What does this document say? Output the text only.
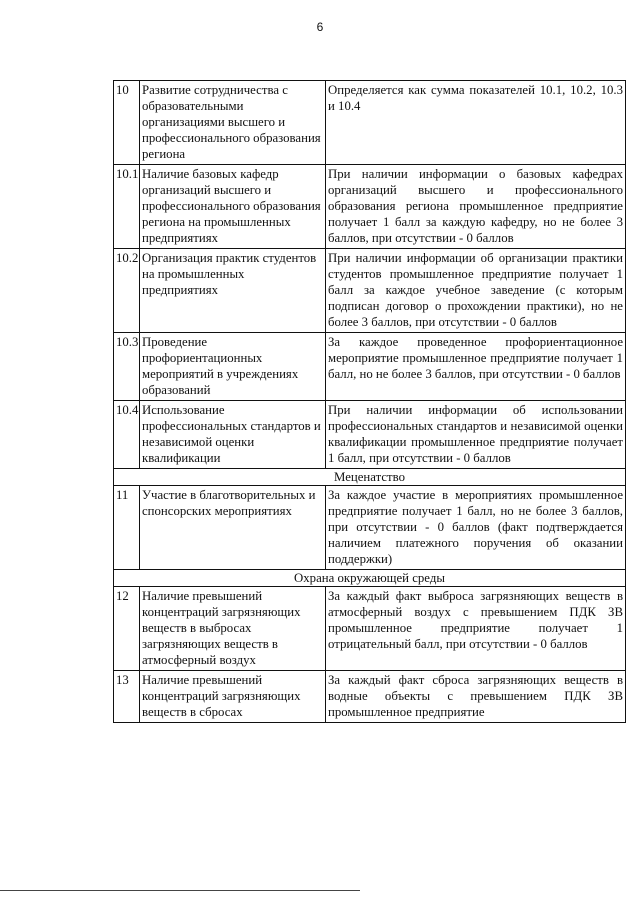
6
10	Развитие сотрудничества с образовательными организациями высшего и профессионального образования региона	Определяется как сумма показателей 10.1, 10.2, 10.3 и 10.4
10.1	Наличие базовых кафедр организаций высшего и профессионального образования региона на промышленных предприятиях	При наличии информации о базовых кафедрах организаций высшего и профессионального образования региона промышленное предприятие получает 1 балл за каждую кафедру, но не более 3 баллов, при отсутствии - 0 баллов
10.2	Организация практик студентов на промышленных предприятиях	При наличии информации об организации практики студентов промышленное предприятие получает 1 балл за каждое учебное заведение (с которым подписан договор о прохождении практики), но не более 3 баллов, при отсутствии - 0 баллов
10.3	Проведение профориентационных мероприятий в учреждениях образований	За каждое проведенное профориентационное мероприятие промышленное предприятие получает 1 балл, но не более 3 баллов, при отсутствии - 0 баллов
10.4	Использование профессиональных стандартов и независимой оценки квалификации	При наличии информации об использовании профессиональных стандартов и независимой оценки квалификации промышленное предприятие получает 1 балл, при отсутствии - 0 баллов
Меценатство		
11	Участие в благотворительных и спонсорских мероприятиях	За каждое участие в мероприятиях промышленное предприятие получает 1 балл, но не более 3 баллов, при отсутствии - 0 баллов (факт подтверждается наличием платежного поручения об оказании поддержки)
Охрана окружающей среды		
12	Наличие превышений концентраций загрязняющих веществ в выбросах загрязняющих веществ в атмосферный воздух	За каждый факт выброса загрязняющих веществ в атмосферный воздух с превышением ПДК ЗВ промышленное предприятие получает 1 отрицательный балл, при отсутствии - 0 баллов
13	Наличие превышений концентраций загрязняющих веществ в сбросах	За каждый факт сброса загрязняющих веществ в водные объекты с превышением ПДК ЗВ промышленное предприятие
